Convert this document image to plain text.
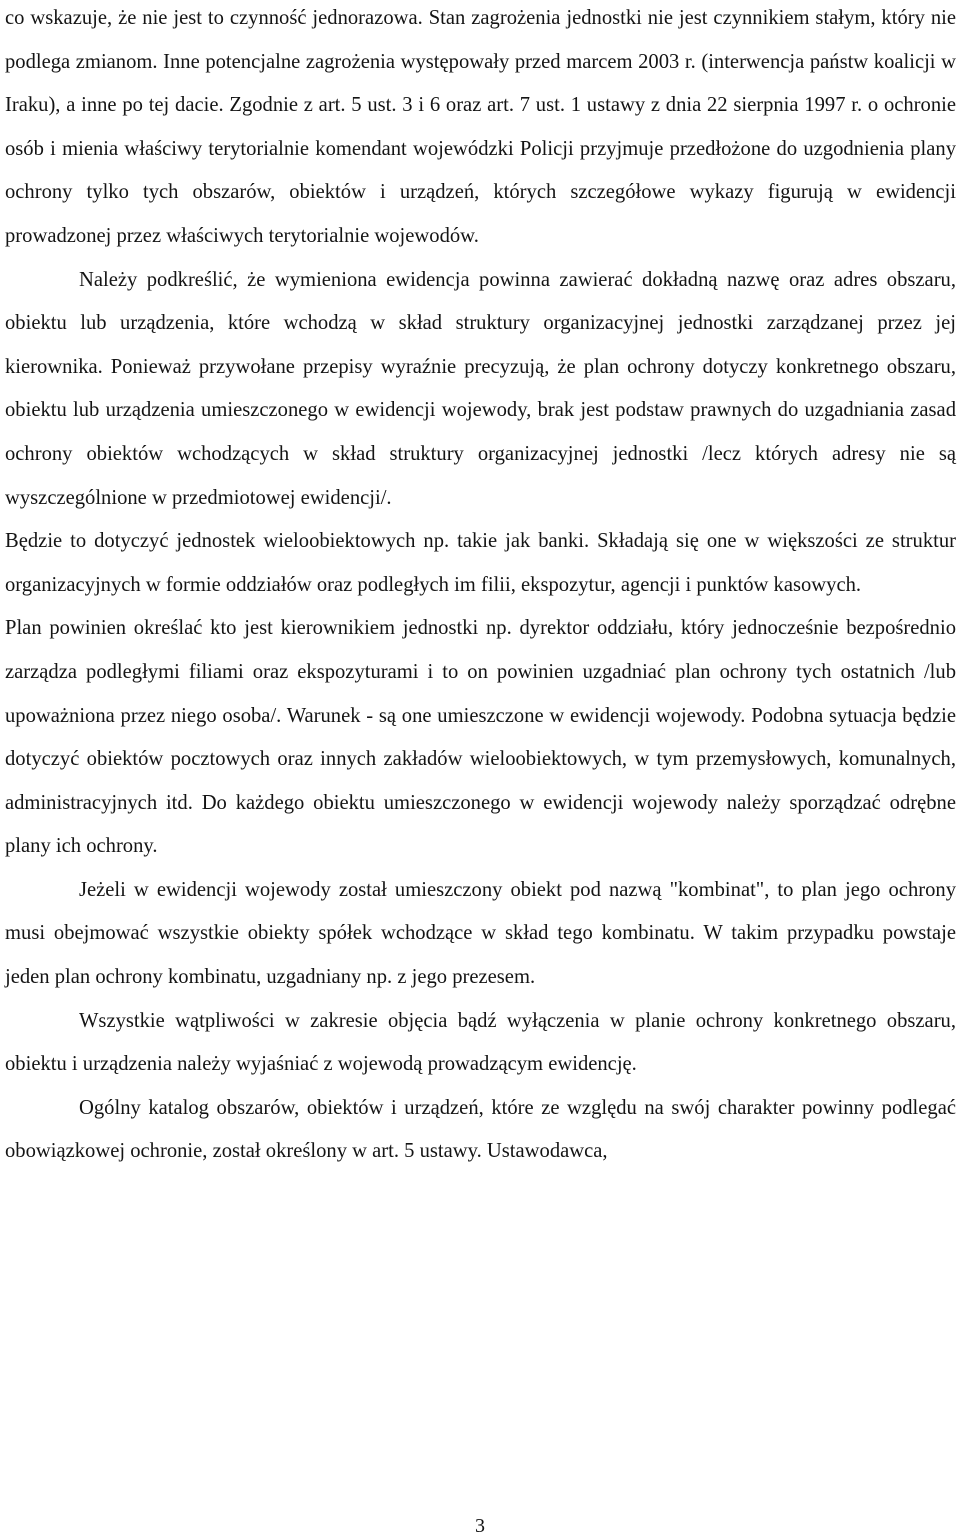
co wskazuje, że nie jest to czynność jednorazowa. Stan zagrożenia jednostki nie jest czynnikiem stałym, który nie podlega zmianom. Inne potencjalne zagrożenia występowały przed marcem 2003 r. (interwencja państw koalicji w Iraku), a inne po tej dacie. Zgodnie z art. 5 ust. 3 i 6 oraz art. 7 ust. 1 ustawy z dnia 22 sierpnia 1997 r. o ochronie osób i mienia właściwy terytorialnie komendant wojewódzki Policji przyjmuje przedłożone do uzgodnienia plany ochrony tylko tych obszarów, obiektów i urządzeń, których szczegółowe wykazy figurują w ewidencji prowadzonej przez właściwych terytorialnie wojewodów.

Należy podkreślić, że wymieniona ewidencja powinna zawierać dokładną nazwę oraz adres obszaru, obiektu lub urządzenia, które wchodzą w skład struktury organizacyjnej jednostki zarządzanej przez jej kierownika. Ponieważ przywołane przepisy wyraźnie precyzują, że plan ochrony dotyczy konkretnego obszaru, obiektu lub urządzenia umieszczonego w ewidencji wojewody, brak jest podstaw prawnych do uzgadniania zasad ochrony obiektów wchodzących w skład struktury organizacyjnej jednostki /lecz których adresy nie są wyszczególnione w przedmiotowej ewidencji/.

Będzie to dotyczyć jednostek wieloobiektowych np. takie jak banki. Składają się one w większości ze struktur organizacyjnych w formie oddziałów oraz podległych im filii, ekspozytur, agencji i punktów kasowych.

Plan powinien określać kto jest kierownikiem jednostki np. dyrektor oddziału, który jednocześnie bezpośrednio zarządza podległymi filiami oraz ekspozyturami i to on powinien uzgadniać plan ochrony tych ostatnich /lub upoważniona przez niego osoba/. Warunek - są one umieszczone w ewidencji wojewody. Podobna sytuacja będzie dotyczyć obiektów pocztowych oraz innych zakładów wieloobiektowych, w tym przemysłowych, komunalnych, administracyjnych itd. Do każdego obiektu umieszczonego w ewidencji wojewody należy sporządzać odrębne plany ich ochrony.

Jeżeli w ewidencji wojewody został umieszczony obiekt pod nazwą "kombinat", to plan jego ochrony musi obejmować wszystkie obiekty spółek wchodzące w skład tego kombinatu. W takim przypadku powstaje jeden plan ochrony kombinatu, uzgadniany np. z jego prezesem.

Wszystkie wątpliwości w zakresie objęcia bądź wyłączenia w planie ochrony konkretnego obszaru, obiektu i urządzenia należy wyjaśniać z wojewodą prowadzącym ewidencję.

Ogólny katalog obszarów, obiektów i urządzeń, które ze względu na swój charakter powinny podlegać obowiązkowej ochronie, został określony w art. 5 ustawy. Ustawodawca,

3
